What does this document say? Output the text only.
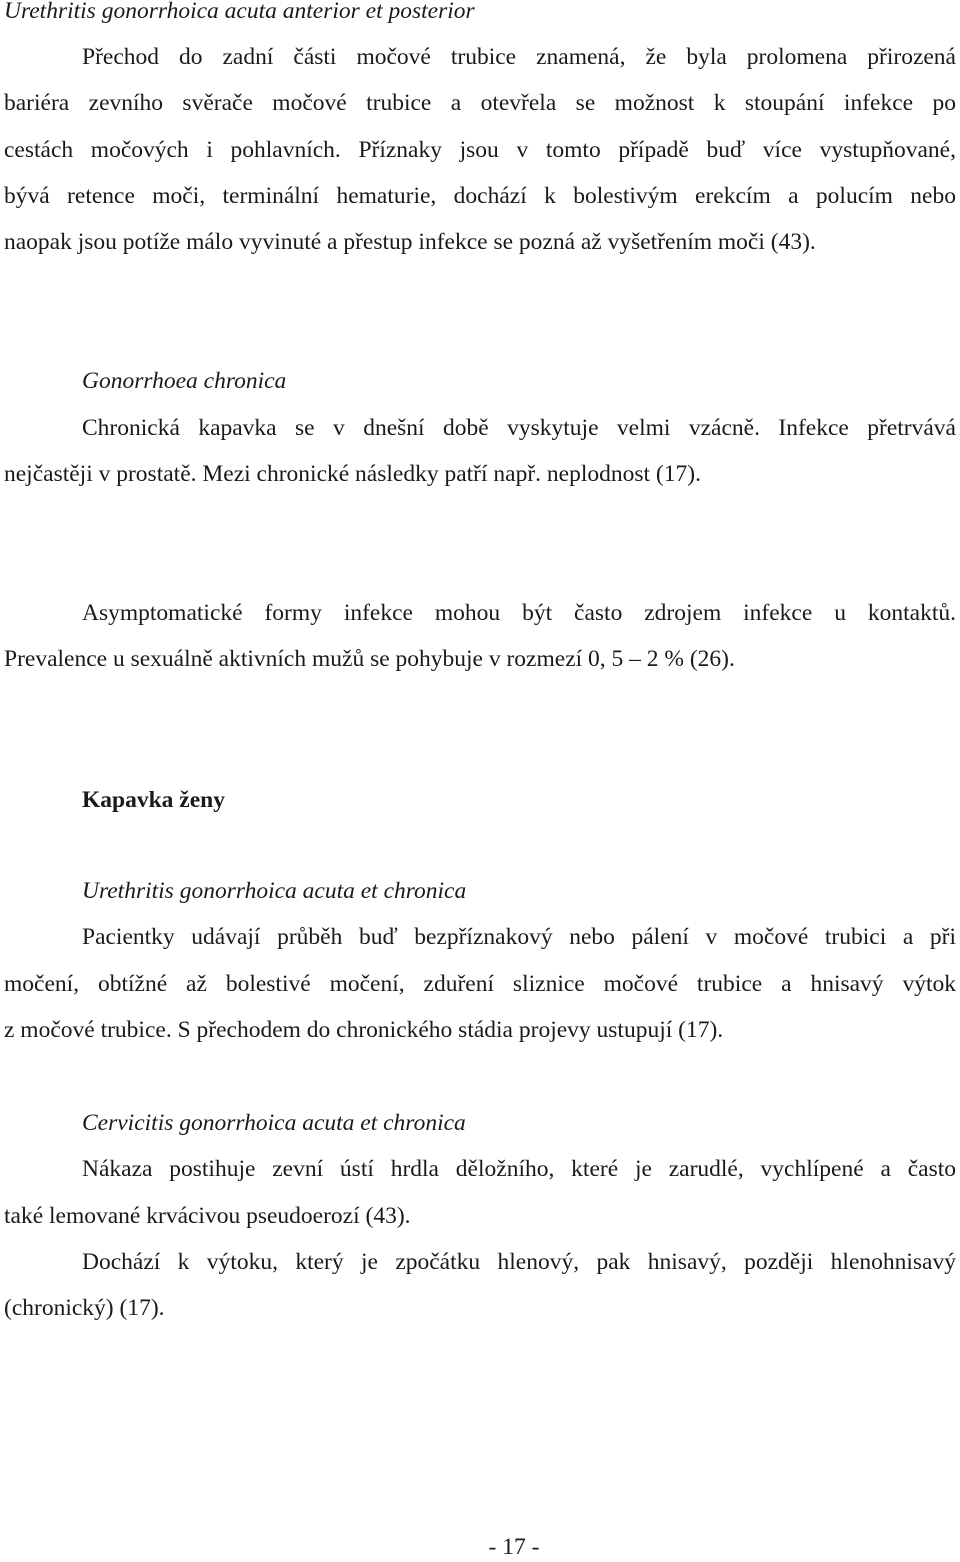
Urethritis gonorrhoica acuta anterior et posterior
Přechod do zadní části močové trubice znamená, že byla prolomena přirozená
bariéra zevního svěrače močové trubice a otevřela se možnost k stoupání infekce po
cestách močových i pohlavních. Příznaky jsou v tomto případě buď více vystupňované,
bývá retence moči, terminální hematurie, dochází k bolestivým erekcím a polucím nebo
naopak jsou potíže málo vyvinuté a přestup infekce se pozná až vyšetřením moči (43).
Gonorrhoea chronica
Chronická kapavka se v dnešní době vyskytuje velmi vzácně. Infekce přetrvává
nejčastěji v prostatě. Mezi chronické následky patří např. neplodnost (17).
Asymptomatické formy infekce mohou být často zdrojem infekce u kontaktů.
Prevalence u sexuálně aktivních mužů se pohybuje v rozmezí 0, 5 – 2 % (26).
Kapavka ženy
Urethritis gonorrhoica acuta et chronica
Pacientky udávají průběh buď bezpříznakový nebo pálení v močové trubici a při
močení, obtížné až bolestivé močení, zduření sliznice močové trubice a hnisavý výtok
z močové trubice. S přechodem do chronického stádia projevy ustupují (17).
Cervicitis gonorrhoica acuta et chronica
Nákaza postihuje zevní ústí hrdla děložního, které je zarudlé, vychlípené a často
také lemované krvácivou pseudoerozí (43).
Dochází k výtoku, který je zpočátku hlenový, pak hnisavý, později hlenohnisavý
(chronický) (17).
- 17 -
